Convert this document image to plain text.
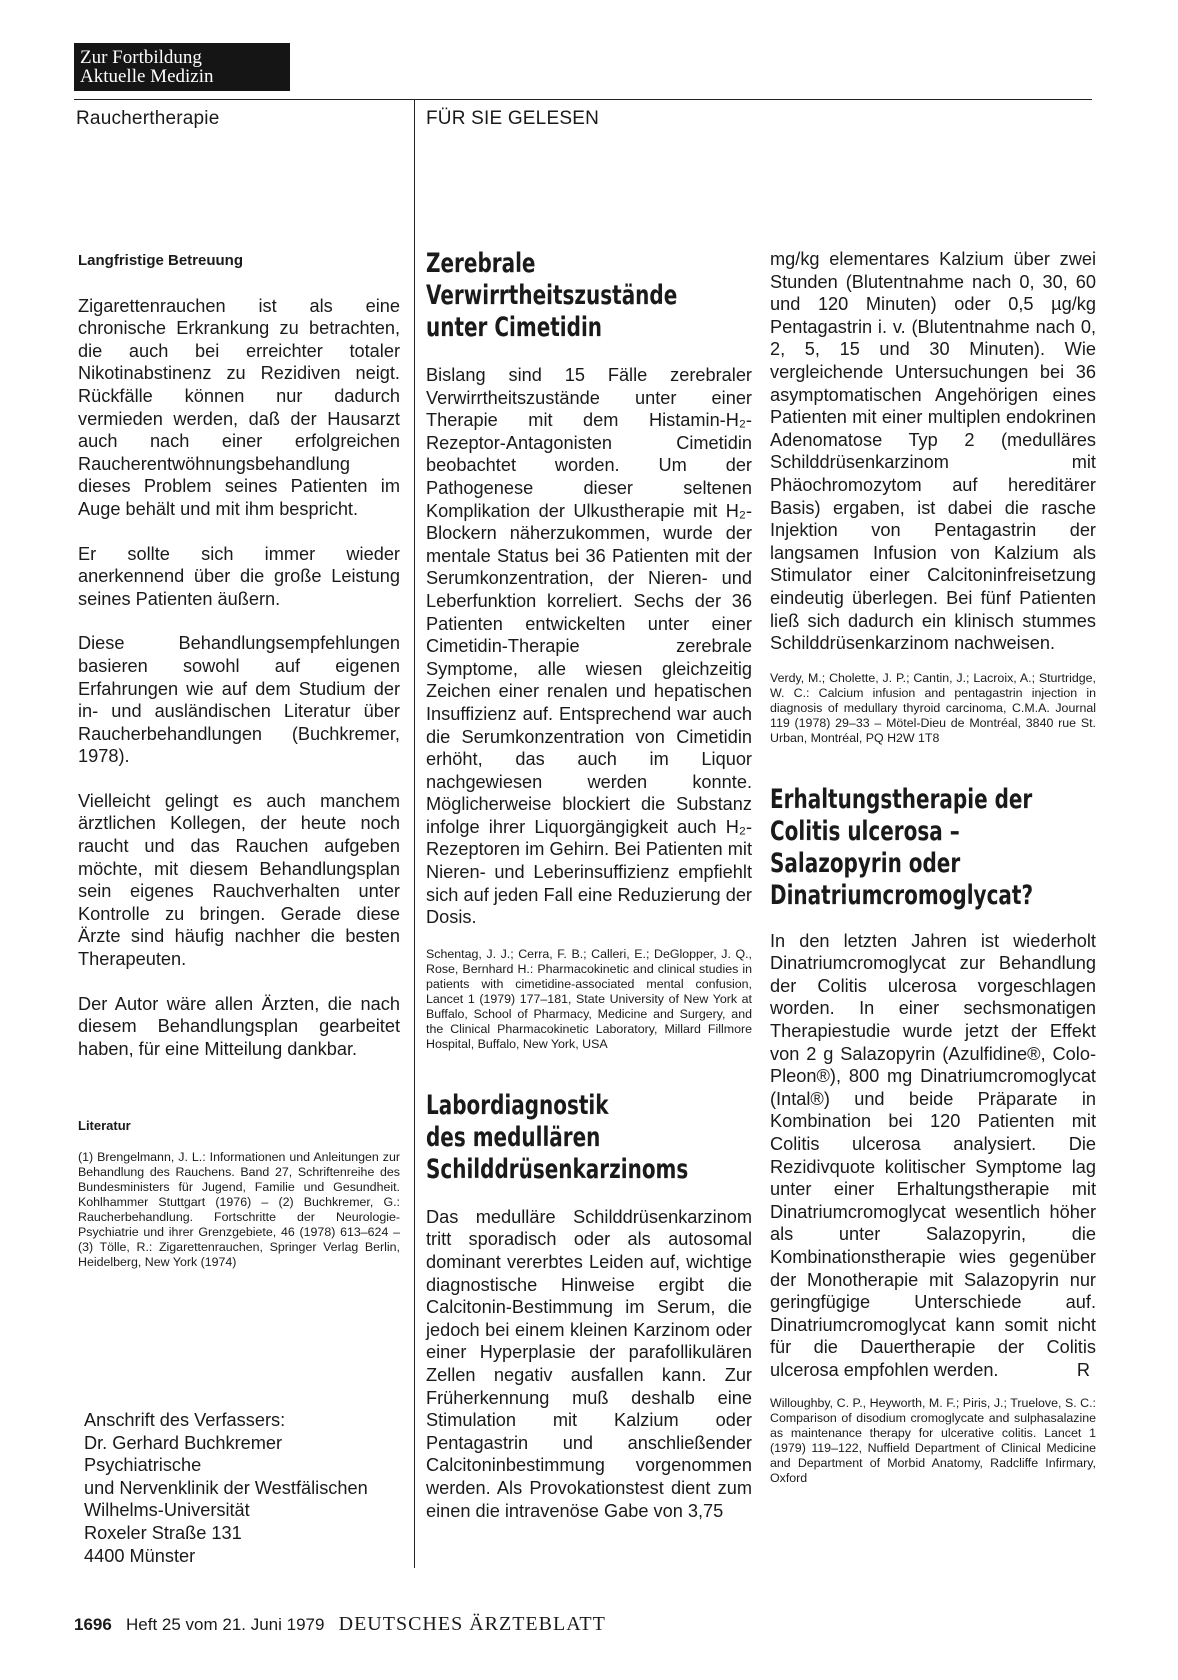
Zur Fortbildung
Aktuelle Medizin
Rauchertherapie	FÜR SIE GELESEN
Langfristige Betreuung

Zigarettenrauchen ist als eine chronische Erkrankung zu betrachten, die auch bei erreichter totaler Nikotinabstinenz zu Rezidiven neigt. Rückfälle können nur dadurch vermieden werden, daß der Hausarzt auch nach einer erfolgreichen Raucherentwöhnungsbehandlung dieses Problem seines Patienten im Auge behält und mit ihm bespricht.

Er sollte sich immer wieder anerkennend über die große Leistung seines Patienten äußern.

Diese Behandlungsempfehlungen basieren sowohl auf eigenen Erfahrungen wie auf dem Studium der in- und ausländischen Literatur über Raucherbehandlungen (Buchkremer, 1978).

Vielleicht gelingt es auch manchem ärztlichen Kollegen, der heute noch raucht und das Rauchen aufgeben möchte, mit diesem Behandlungsplan sein eigenes Rauchverhalten unter Kontrolle zu bringen. Gerade diese Ärzte sind häufig nachher die besten Therapeuten.

Der Autor wäre allen Ärzten, die nach diesem Behandlungsplan gearbeitet haben, für eine Mitteilung dankbar.

Literatur
(1) Brengelmann, J. L.: Informationen und Anleitungen zur Behandlung des Rauchens. Band 27, Schriftenreihe des Bundesministers für Jugend, Familie und Gesundheit. Kohlhammer Stuttgart (1976) – (2) Buchkremer, G.: Raucherbehandlung. Fortschritte der Neurologie-Psychiatrie und ihrer Grenzgebiete, 46 (1978) 613–624 – (3) Tölle, R.: Zigarettenrauchen, Springer Verlag Berlin, Heidelberg, New York (1974)
Anschrift des Verfassers:
Dr. Gerhard Buchkremer
Psychiatrische
und Nervenklinik der Westfälischen
Wilhelms-Universität
Roxeler Straße 131
4400 Münster
Zerebrale
Verwirrtheitszustände
unter Cimetidin
Bislang sind 15 Fälle zerebraler Verwirrtheitszustände unter einer Therapie mit dem Histamin-H₂-Rezeptor-Antagonisten Cimetidin beobachtet worden. Um der Pathogenese dieser seltenen Komplikation der Ulkustherapie mit H₂-Blockern näherzukommen, wurde der mentale Status bei 36 Patienten mit der Serumkonzentration, der Nieren- und Leberfunktion korreliert. Sechs der 36 Patienten entwickelten unter einer Cimetidin-Therapie zerebrale Symptome, alle wiesen gleichzeitig Zeichen einer renalen und hepatischen Insuffizienz auf. Entsprechend war auch die Serumkonzentration von Cimetidin erhöht, das auch im Liquor nachgewiesen werden konnte. Möglicherweise blockiert die Substanz infolge ihrer Liquorgängigkeit auch H₂-Rezeptoren im Gehirn. Bei Patienten mit Nieren- und Leberinsuffizienz empfiehlt sich auf jeden Fall eine Reduzierung der Dosis.
Schentag, J. J.; Cerra, F. B.; Calleri, E.; DeGlopper, J. Q., Rose, Bernhard H.: Pharmacokinetic and clinical studies in patients with cimetidine-associated mental confusion, Lancet 1 (1979) 177–181, State University of New York at Buffalo, School of Pharmacy, Medicine and Surgery, and the Clinical Pharmacokinetic Laboratory, Millard Fillmore Hospital, Buffalo, New York, USA
Labordiagnostik
des medullären
Schilddrüsenkarzinoms
Das medulläre Schilddrüsenkarzinom tritt sporadisch oder als autosomal dominant vererbtes Leiden auf, wichtige diagnostische Hinweise ergibt die Calcitonin-Bestimmung im Serum, die jedoch bei einem kleinen Karzinom oder einer Hyperplasie der parafollikulären Zellen negativ ausfallen kann. Zur Früherkennung muß deshalb eine Stimulation mit Kalzium oder Pentagastrin und anschließender Calcitoninbestimmung vorgenommen werden. Als Provokationstest dient zum einen die intravenöse Gabe von 3,75
mg/kg elementares Kalzium über zwei Stunden (Blutentnahme nach 0, 30, 60 und 120 Minuten) oder 0,5 µg/kg Pentagastrin i. v. (Blutentnahme nach 0, 2, 5, 15 und 30 Minuten). Wie vergleichende Untersuchungen bei 36 asymptomatischen Angehörigen eines Patienten mit einer multiplen endokrinen Adenomatose Typ 2 (medulläres Schilddrüsenkarzinom mit Phäochromozytom auf hereditärer Basis) ergaben, ist dabei die rasche Injektion von Pentagastrin der langsamen Infusion von Kalzium als Stimulator einer Calcitoninfreisetzung eindeutig überlegen. Bei fünf Patienten ließ sich dadurch ein klinisch stummes Schilddrüsenkarzinom nachweisen.
Verdy, M.; Cholette, J. P.; Cantin, J.; Lacroix, A.; Sturtridge, W. C.: Calcium infusion and pentagastrin injection in diagnosis of medullary thyroid carcinoma, C.M.A. Journal 119 (1978) 29–33 – Mötel-Dieu de Montréal, 3840 rue St. Urban, Montréal, PQ H2W 1T8
Erhaltungstherapie der
Colitis ulcerosa –
Salazopyrin oder
Dinatriumcromoglycat?
In den letzten Jahren ist wiederholt Dinatriumcromoglycat zur Behandlung der Colitis ulcerosa vorgeschlagen worden. In einer sechsmonatigen Therapiestudie wurde jetzt der Effekt von 2 g Salazopyrin (Azulfidine®, Colo-Pleon®), 800 mg Dinatriumcromoglycat (Intal®) und beide Präparate in Kombination bei 120 Patienten mit Colitis ulcerosa analysiert. Die Rezidivquote kolitischer Symptome lag unter einer Erhaltungstherapie mit Dinatriumcromoglycat wesentlich höher als unter Salazopyrin, die Kombinationstherapie wies gegenüber der Monotherapie mit Salazopyrin nur geringfügige Unterschiede auf. Dinatriumcromoglycat kann somit nicht für die Dauertherapie der Colitis ulcerosa empfohlen werden.	R
Willoughby, C. P., Heyworth, M. F.; Piris, J.; Truelove, S. C.: Comparison of disodium cromoglycate and sulphasalazine as maintenance therapy for ulcerative colitis. Lancet 1 (1979) 119–122, Nuffield Department of Clinical Medicine and Department of Morbid Anatomy, Radcliffe Infirmary, Oxford
1696 Heft 25 vom 21. Juni 1979 DEUTSCHES ÄRZTEBLATT
